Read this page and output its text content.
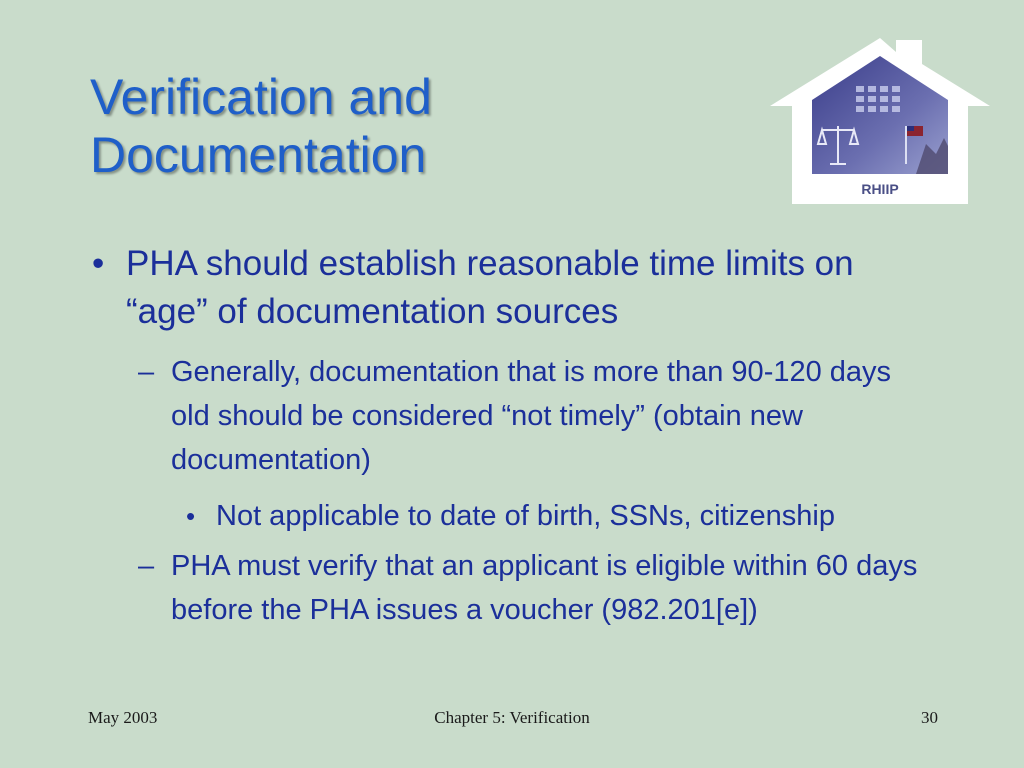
Verification and Documentation
RHIIP
• PHA should establish reasonable time limits on “age” of documentation sources
– Generally, documentation that is more than 90-120 days old should be considered “not timely” (obtain new documentation)
• Not applicable to date of birth, SSNs, citizenship
– PHA must verify that an applicant is eligible within 60 days before the PHA issues a voucher (982.201[e])
May 2003	Chapter 5: Verification	30
